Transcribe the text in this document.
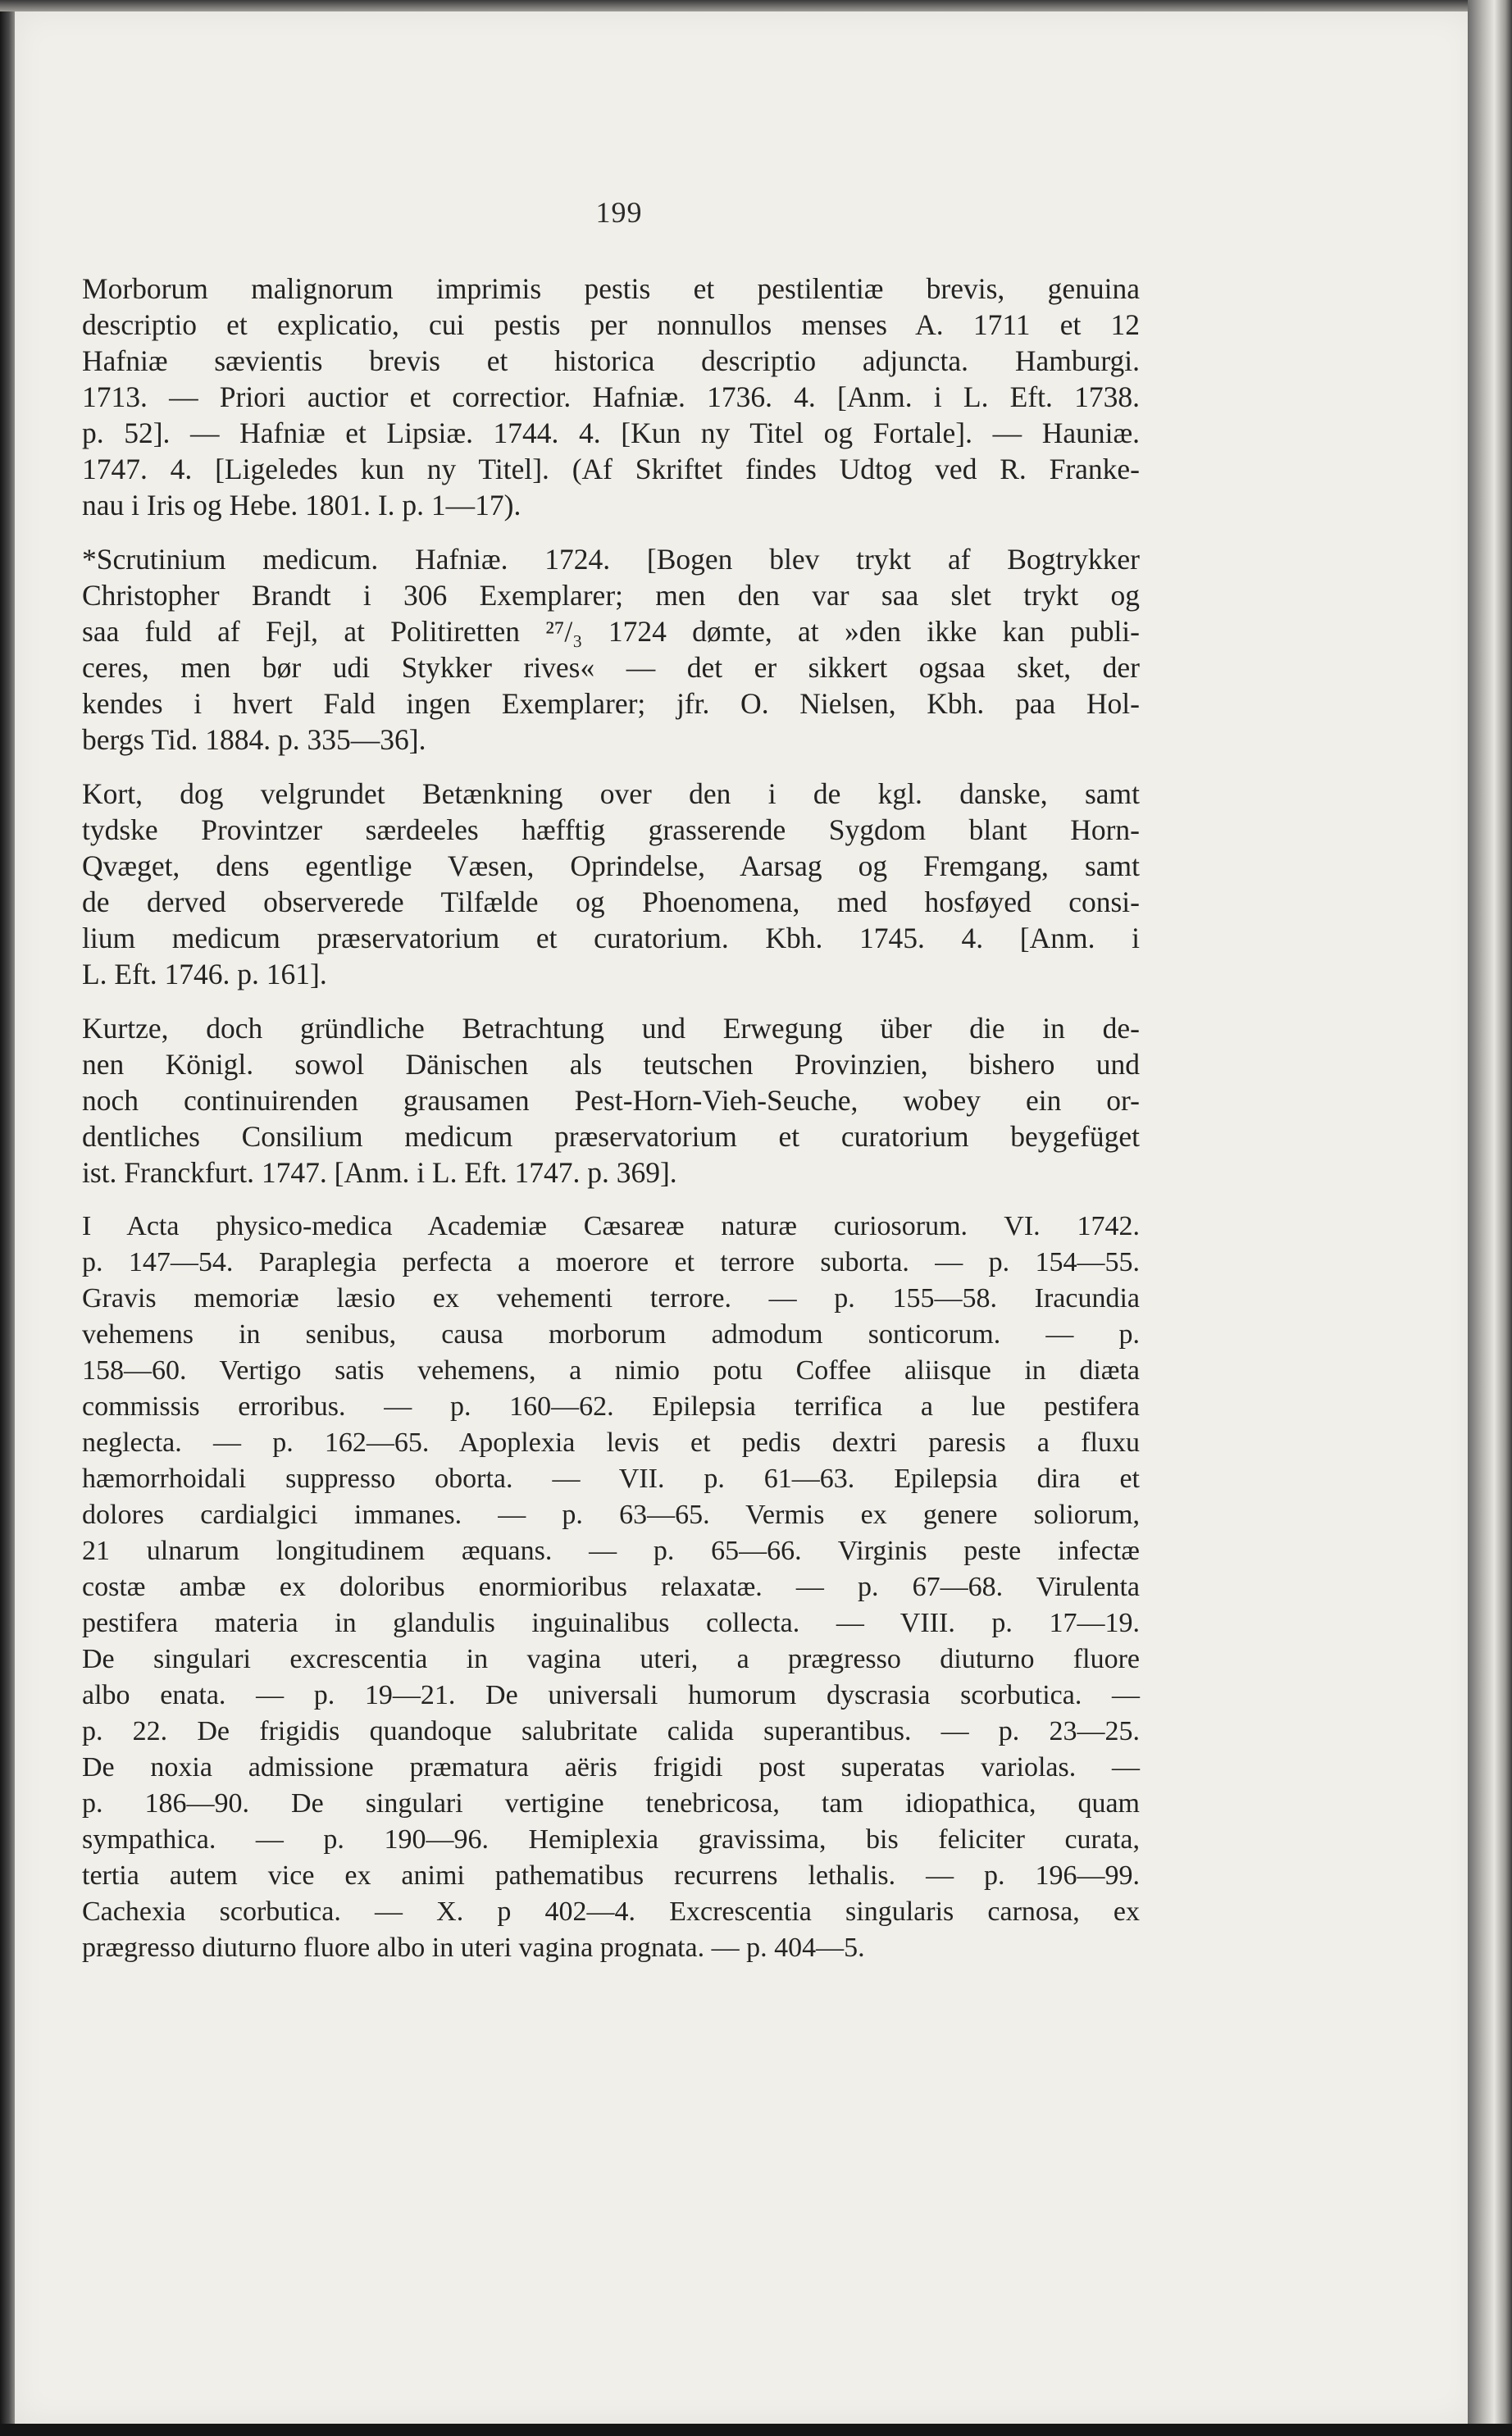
199
Morborum malignorum imprimis pestis et pestilentiæ brevis, genuina
descriptio et explicatio, cui pestis per nonnullos menses A. 1711 et 12
Hafniæ sævientis brevis et historica descriptio adjuncta. Hamburgi.
1713. — Priori auctior et correctior. Hafniæ. 1736. 4. [Anm. i L. Eft. 1738.
p. 52]. — Hafniæ et Lipsiæ. 1744. 4. [Kun ny Titel og Fortale]. — Hauniæ.
1747. 4. [Ligeledes kun ny Titel]. (Af Skriftet findes Udtog ved R. Franke-
nau i Iris og Hebe. 1801. I. p. 1—17).
*Scrutinium medicum. Hafniæ. 1724. [Bogen blev trykt af Bogtrykker
Christopher Brandt i 306 Exemplarer; men den var saa slet trykt og
saa fuld af Fejl, at Politiretten ²⁷/₃ 1724 dømte, at »den ikke kan publi-
ceres, men bør udi Stykker rives« — det er sikkert ogsaa sket, der
kendes i hvert Fald ingen Exemplarer; jfr. O. Nielsen, Kbh. paa Hol-
bergs Tid. 1884. p. 335—36].
Kort, dog velgrundet Betænkning over den i de kgl. danske, samt
tydske Provintzer særdeeles hæfftig grasserende Sygdom blant Horn-
Qvæget, dens egentlige Væsen, Oprindelse, Aarsag og Fremgang, samt
de derved observerede Tilfælde og Phoenomena, med hosføyed consi-
lium medicum præservatorium et curatorium. Kbh. 1745. 4. [Anm. i
L. Eft. 1746. p. 161].
Kurtze, doch gründliche Betrachtung und Erwegung über die in de-
nen Königl. sowol Dänischen als teutschen Provinzien, bishero und
noch continuirenden grausamen Pest-Horn-Vieh-Seuche, wobey ein or-
dentliches Consilium medicum præservatorium et curatorium beygefüget
ist. Franckfurt. 1747. [Anm. i L. Eft. 1747. p. 369].
I Acta physico-medica Academiæ Cæsareæ naturæ curiosorum. VI. 1742.
p. 147—54. Paraplegia perfecta a moerore et terrore suborta. — p. 154—55.
Gravis memoriæ læsio ex vehementi terrore. — p. 155—58. Iracundia
vehemens in senibus, causa morborum admodum sonticorum. — p.
158—60. Vertigo satis vehemens, a nimio potu Coffee aliisque in diæta
commissis erroribus. — p. 160—62. Epilepsia terrifica a lue pestifera
neglecta. — p. 162—65. Apoplexia levis et pedis dextri paresis a fluxu
hæmorrhoidali suppresso oborta. — VII. p. 61—63. Epilepsia dira et
dolores cardialgici immanes. — p. 63—65. Vermis ex genere soliorum,
21 ulnarum longitudinem æquans. — p. 65—66. Virginis peste infectæ
costæ ambæ ex doloribus enormioribus relaxatæ. — p. 67—68. Virulenta
pestifera materia in glandulis inguinalibus collecta. — VIII. p. 17—19.
De singulari excrescentia in vagina uteri, a prægresso diuturno fluore
albo enata. — p. 19—21. De universali humorum dyscrasia scorbutica. —
p. 22. De frigidis quandoque salubritate calida superantibus. — p. 23—25.
De noxia admissione præmatura aëris frigidi post superatas variolas. —
p. 186—90. De singulari vertigine tenebricosa, tam idiopathica, quam
sympathica. — p. 190—96. Hemiplexia gravissima, bis feliciter curata,
tertia autem vice ex animi pathematibus recurrens lethalis. — p. 196—99.
Cachexia scorbutica. — X. p 402—4. Excrescentia singularis carnosa, ex
prægresso diuturno fluore albo in uteri vagina prognata. — p. 404—5.
